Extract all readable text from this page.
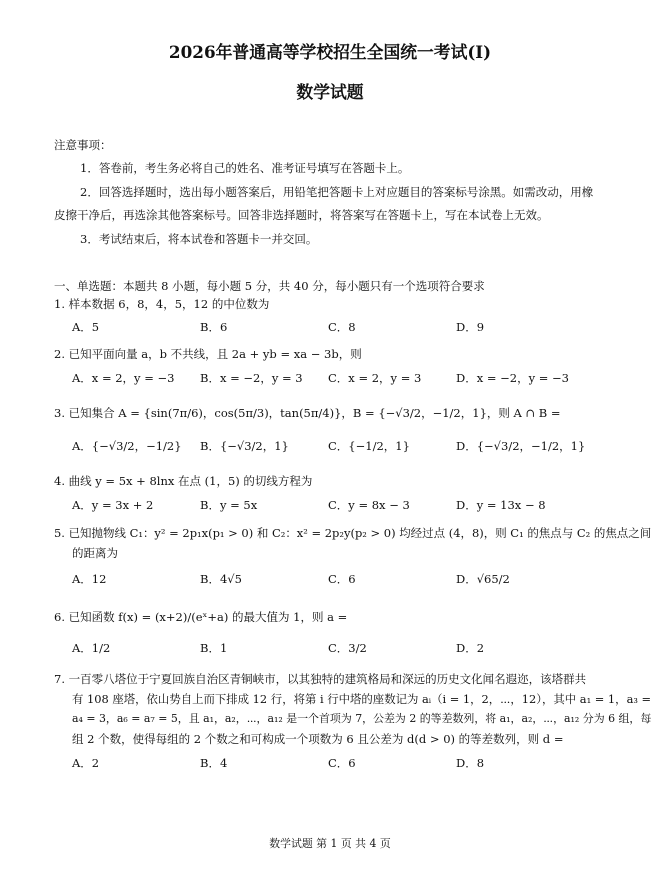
2026年普通高等学校招生全国统一考试(I)
数学试题
注意事项：
1．答卷前，考生务必将自己的姓名、准考证号填写在答题卡上。
2．回答选择题时，选出每小题答案后，用铅笔把答题卡上对应题目的答案标号涂黑。如需改动，用橡
皮擦干净后，再选涂其他答案标号。回答非选择题时，将答案写在答题卡上，写在本试卷上无效。
3．考试结束后，将本试卷和答题卡一并交回。
一、单选题：本题共 8 小题，每小题 5 分，共 40 分，每小题只有一个选项符合要求
1. 样本数据 6，8，4，5，12 的中位数为
A．5	B．6	C．8	D．9
2. 已知平面向量 a，b 不共线，且 2a + yb = xa − 3b，则
A．x = 2，y = −3 B．x = −2，y = 3 C．x = 2，y = 3	D．x = −2，y = −3
3. 已知集合 A = {sin(7π/6)，cos(5π/3)，tan(5π/4)}，B = {−√3/2，−1/2，1}，则 A ∩ B =
A．{−√3/2，−1/2} B．{−√3/2，1}	C．{−1/2，1}	D．{−√3/2，−1/2，1}
4. 曲线 y = 5x + 8lnx 在点 (1，5) 的切线方程为
A．y = 3x + 2	B．y = 5x	C．y = 8x − 3	D．y = 13x − 8
5. 已知抛物线 C₁：y² = 2p₁x(p₁ > 0) 和 C₂：x² = 2p₂y(p₂ > 0) 均经过点 (4，8)，则 C₁ 的焦点与 C₂ 的焦点之间
的距离为
A．12	B．4√5	C．6	D．√65/2
6. 已知函数 f(x) = (x+2)/(eˣ+a) 的最大值为 1，则 a =
A．1/2	B．1	C．3/2	D．2
7. 一百零八塔位于宁夏回族自治区青铜峡市，以其独特的建筑格局和深远的历史文化闻名遐迩，该塔群共
有 108 座塔，依山势自上而下排成 12 行，将第 i 行中塔的座数记为 aᵢ（i = 1，2，⋯，12），其中 a₁ = 1，a₃ =
a₄ = 3，a₆ = a₇ = 5，且 a₁，a₂，⋯，a₁₂ 是一个首项为 7，公差为 2 的等差数列，将 a₁，a₂，⋯，a₁₂ 分为 6 组，每
组 2 个数，使得每组的 2 个数之和可构成一个项数为 6 且公差为 d(d > 0) 的等差数列，则 d =
A．2	B．4	C．6	D．8
数学试题 第 1 页 共 4 页
